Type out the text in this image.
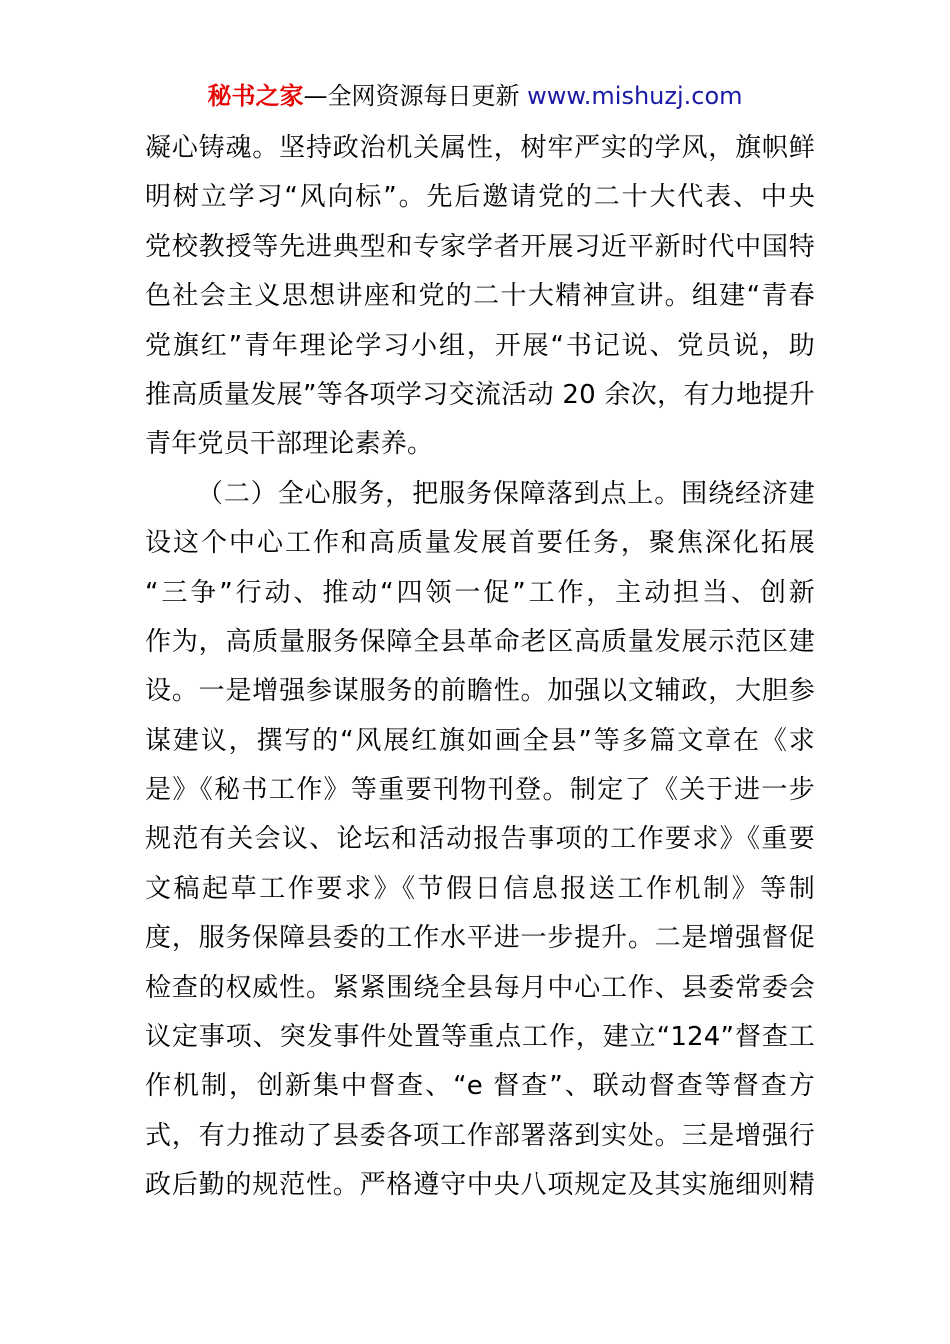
秘书之家—全网资源每日更新 www.mishuzj.com
凝心铸魂。坚持政治机关属性，树牢严实的学风，旗帜鲜
明树立学习“风向标”。先后邀请党的二十大代表、中央
党校教授等先进典型和专家学者开展习近平新时代中国特
色社会主义思想讲座和党的二十大精神宣讲。组建“青春
党旗红”青年理论学习小组，开展“书记说、党员说，助
推高质量发展”等各项学习交流活动 20 余次，有力地提升
青年党员干部理论素养。
（二）全心服务，把服务保障落到点上。围绕经济建
设这个中心工作和高质量发展首要任务，聚焦深化拓展
“三争”行动、推动“四领一促”工作，主动担当、创新
作为，高质量服务保障全县革命老区高质量发展示范区建
设。一是增强参谋服务的前瞻性。加强以文辅政，大胆参
谋建议，撰写的“风展红旗如画全县”等多篇文章在《求
是》《秘书工作》等重要刊物刊登。制定了《关于进一步
规范有关会议、论坛和活动报告事项的工作要求》《重要
文稿起草工作要求》《节假日信息报送工作机制》等制
度，服务保障县委的工作水平进一步提升。二是增强督促
检查的权威性。紧紧围绕全县每月中心工作、县委常委会
议定事项、突发事件处置等重点工作，建立“124”督查工
作机制，创新集中督查、“e 督查”、联动督查等督查方
式，有力推动了县委各项工作部署落到实处。三是增强行
政后勤的规范性。严格遵守中央八项规定及其实施细则精
